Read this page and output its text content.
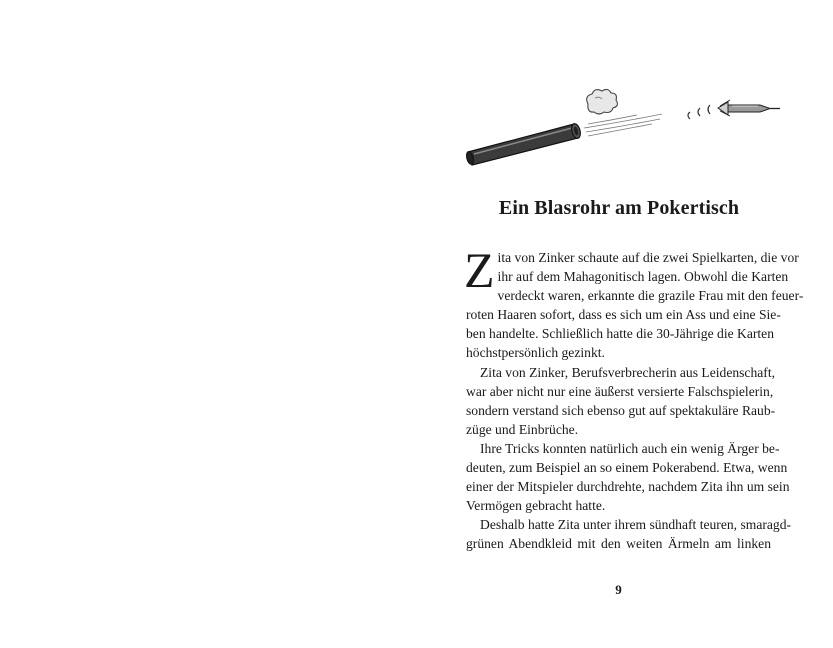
Ein Blasrohr am Pokertisch
Z ita von Zinker schaute auf die zwei Spielkarten, die vor
ihr auf dem Mahagonitisch lagen. Obwohl die Karten
verdeckt waren, erkannte die grazile Frau mit den feuer-
roten Haaren sofort, dass es sich um ein Ass und eine Sie-
ben handelte. Schließlich hatte die 30-Jährige die Karten
höchstpersönlich gezinkt.
Zita von Zinker, Berufsverbrecherin aus Leidenschaft,
war aber nicht nur eine äußerst versierte Falschspielerin,
sondern verstand sich ebenso gut auf spektakuläre Raub-
züge und Einbrüche.
Ihre Tricks konnten natürlich auch ein wenig Ärger be-
deuten, zum Beispiel an so einem Pokerabend. Etwa, wenn
einer der Mitspieler durchdrehte, nachdem Zita ihn um sein
Vermögen gebracht hatte.
Deshalb hatte Zita unter ihrem sündhaft teuren, smaragd-
grünen Abendkleid mit den weiten Ärmeln am linken
9
